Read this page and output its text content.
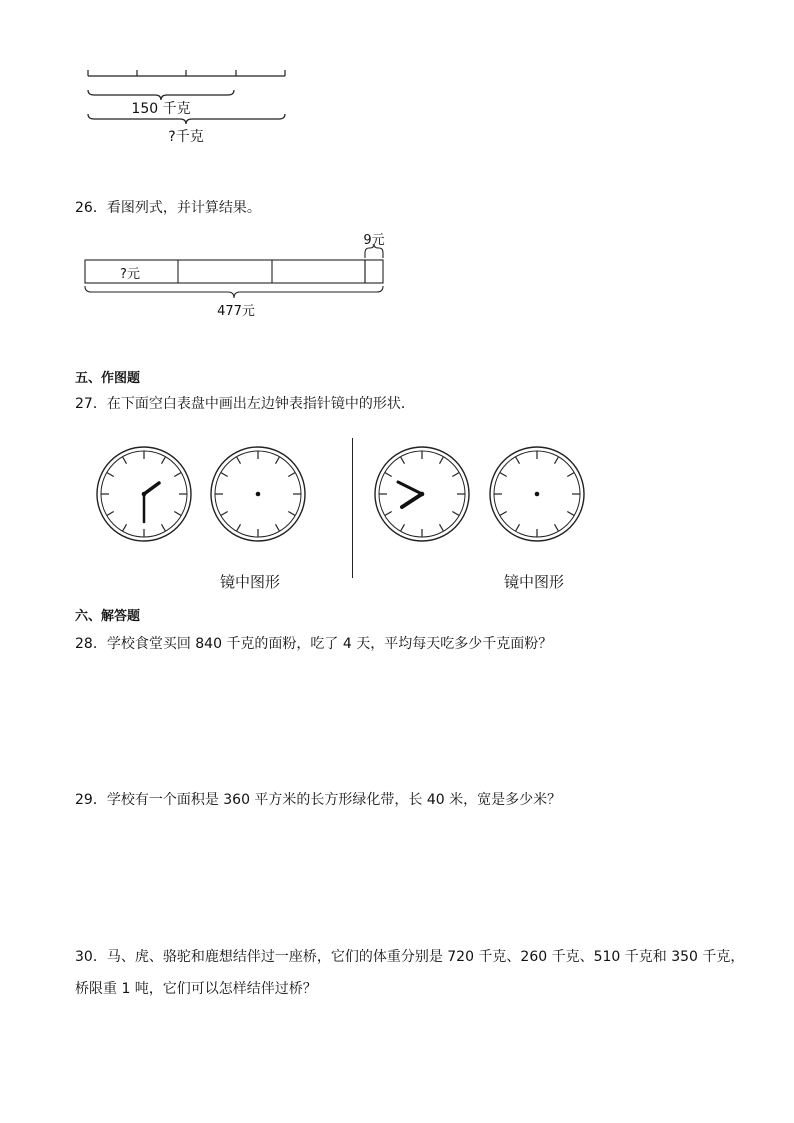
150 千克
?千克
26．看图列式，并计算结果。
9元
?元
477元
五、作图题
27．在下面空白表盘中画出左边钟表指针镜中的形状．
镜中图形	镜中图形
六、解答题
28．学校食堂买回 840 千克的面粉，吃了 4 天，平均每天吃多少千克面粉？
29．学校有一个面积是 360 平方米的长方形绿化带，长 40 米，宽是多少米？
30．马、虎、骆驼和鹿想结伴过一座桥，它们的体重分别是 720 千克、260 千克、510 千克和 350 千克，
桥限重 1 吨，它们可以怎样结伴过桥？
